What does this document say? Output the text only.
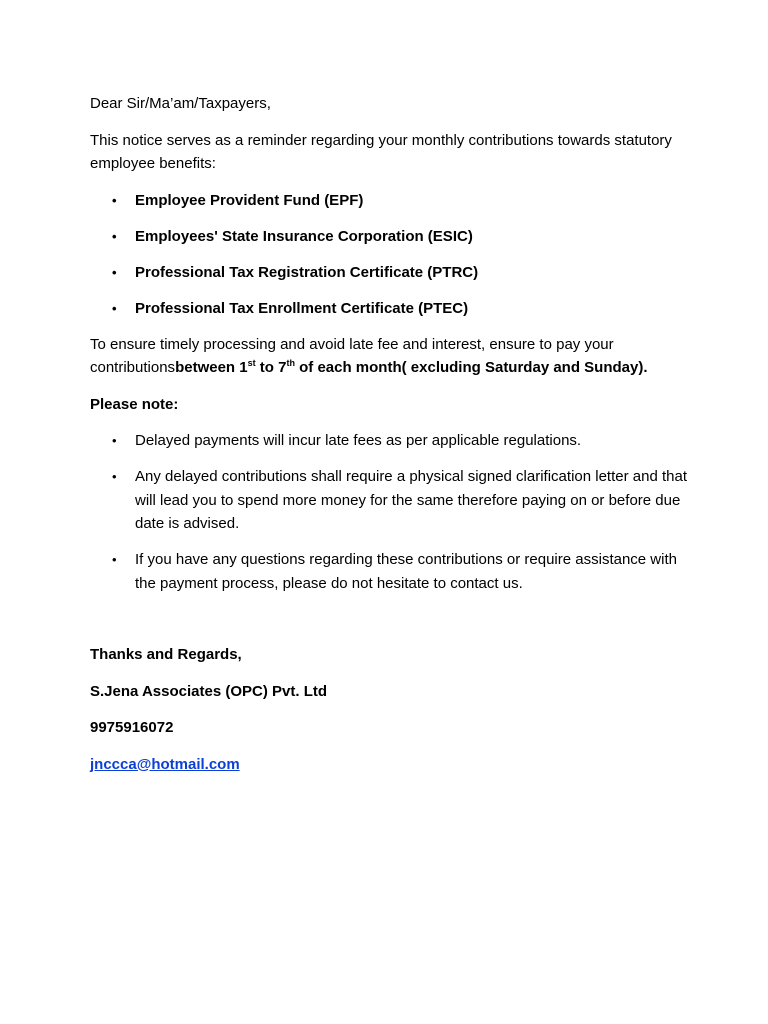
Dear Sir/Ma’am/Taxpayers,

This notice serves as a reminder regarding your monthly contributions towards statutory employee benefits:

• Employee Provident Fund (EPF)
• Employees' State Insurance Corporation (ESIC)
• Professional Tax Registration Certificate (PTRC)
• Professional Tax Enrollment Certificate (PTEC)

To ensure timely processing and avoid late fee and interest, ensure to pay your contributionsbetween 1st to 7th of each month( excluding Saturday and Sunday).

Please note:

• Delayed payments will incur late fees as per applicable regulations.
• Any delayed contributions shall require a physical signed clarification letter and that will lead you to spend more money for the same therefore paying on or before due date is advised.
• If you have any questions regarding these contributions or require assistance with the payment process, please do not hesitate to contact us.

Thanks and Regards,

S.Jena Associates (OPC) Pvt. Ltd

9975916072

jnccca@hotmail.com
